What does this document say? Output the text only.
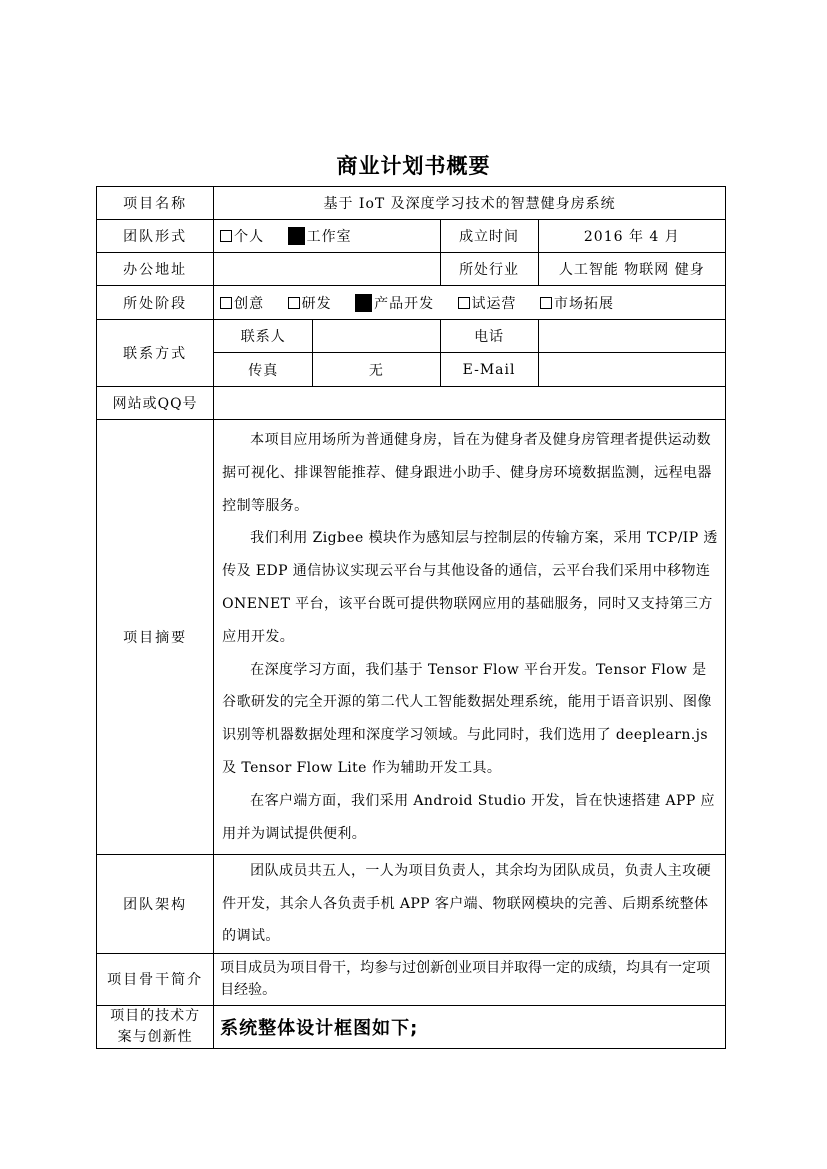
商业计划书概要
项目名称	基于 IoT 及深度学习技术的智慧健身房系统			
团队形式	个人 工作室		成立时间	2016 年 4 月
办公地址			所处行业	人工智能 物联网 健身
所处阶段	创意 研发 产品开发 试运营 市场拓展			
联系方式	联系人		电话	
	传真	无	E-Mail	
网站或QQ号				
项目摘要	本项目应用场所为普通健身房，旨在为健身者及健身房管理者提供运动数据可视化、排课智能推荐、健身跟进小助手、健身房环境数据监测，远程电器控制等服务。

我们利用 Zigbee 模块作为感知层与控制层的传输方案，采用 TCP/IP 透传及 EDP 通信协议实现云平台与其他设备的通信，云平台我们采用中移物连 ONENET 平台，该平台既可提供物联网应用的基础服务，同时又支持第三方应用开发。

在深度学习方面，我们基于 Tensor Flow 平台开发。Tensor Flow 是谷歌研发的完全开源的第二代人工智能数据处理系统，能用于语音识别、图像识别等机器数据处理和深度学习领域。与此同时，我们选用了 deeplearn.js 及 Tensor Flow Lite 作为辅助开发工具。

在客户端方面，我们采用 Android Studio 开发，旨在快速搭建 APP 应用并为调试提供便利。			

团队架构	团队成员共五人，一人为项目负责人，其余均为团队成员，负责人主攻硬件开发，其余人各负责手机 APP 客户端、物联网模块的完善、后期系统整体的调试。			

项目骨干简介	项目成员为项目骨干，均参与过创新创业项目并取得一定的成绩，均具有一定项目经验。			

项目的技术方
案与创新性	系统整体设计框图如下;			
